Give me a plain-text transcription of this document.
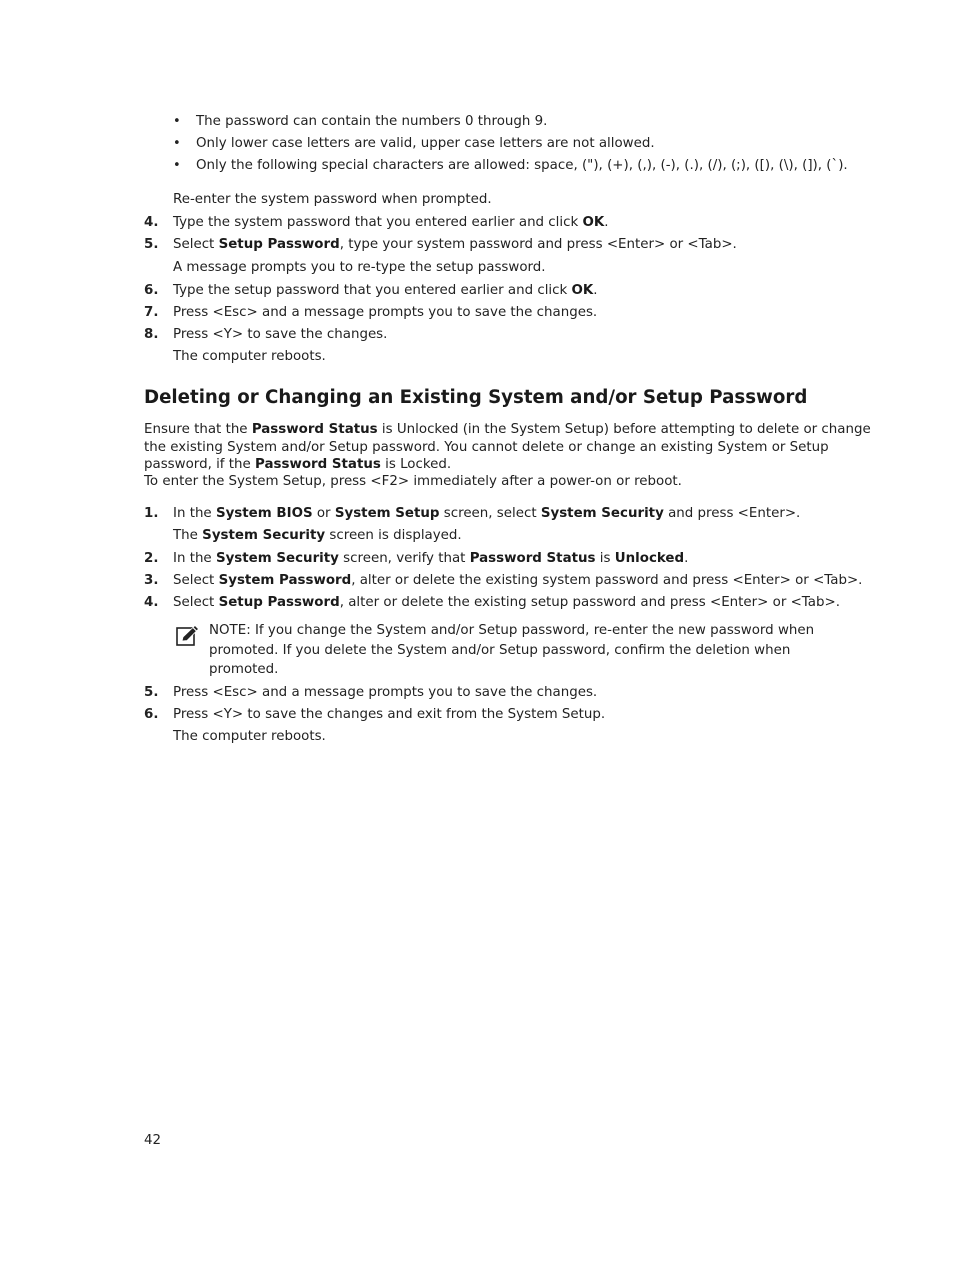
• The password can contain the numbers 0 through 9.
• Only lower case letters are valid, upper case letters are not allowed.
• Only the following special characters are allowed: space, ("), (+), (,), (-), (.), (/), (;), ([), (\), (]), (`).
Re-enter the system password when prompted.
4. Type the system password that you entered earlier and click OK.
5. Select Setup Password, type your system password and press <Enter> or <Tab>.
A message prompts you to re-type the setup password.
6. Type the setup password that you entered earlier and click OK.
7. Press <Esc> and a message prompts you to save the changes.
8. Press <Y> to save the changes.
The computer reboots.
Deleting or Changing an Existing System and/or Setup Password
Ensure that the Password Status is Unlocked (in the System Setup) before attempting to delete or change
the existing System and/or Setup password. You cannot delete or change an existing System or Setup
password, if the Password Status is Locked.
To enter the System Setup, press <F2> immediately after a power-on or reboot.
1. In the System BIOS or System Setup screen, select System Security and press <Enter>.
The System Security screen is displayed.
2. In the System Security screen, verify that Password Status is Unlocked.
3. Select System Password, alter or delete the existing system password and press <Enter> or <Tab>.
4. Select Setup Password, alter or delete the existing setup password and press <Enter> or <Tab>.
NOTE: If you change the System and/or Setup password, re-enter the new password when
promoted. If you delete the System and/or Setup password, confirm the deletion when
promoted.
5. Press <Esc> and a message prompts you to save the changes.
6. Press <Y> to save the changes and exit from the System Setup.
The computer reboots.
42
